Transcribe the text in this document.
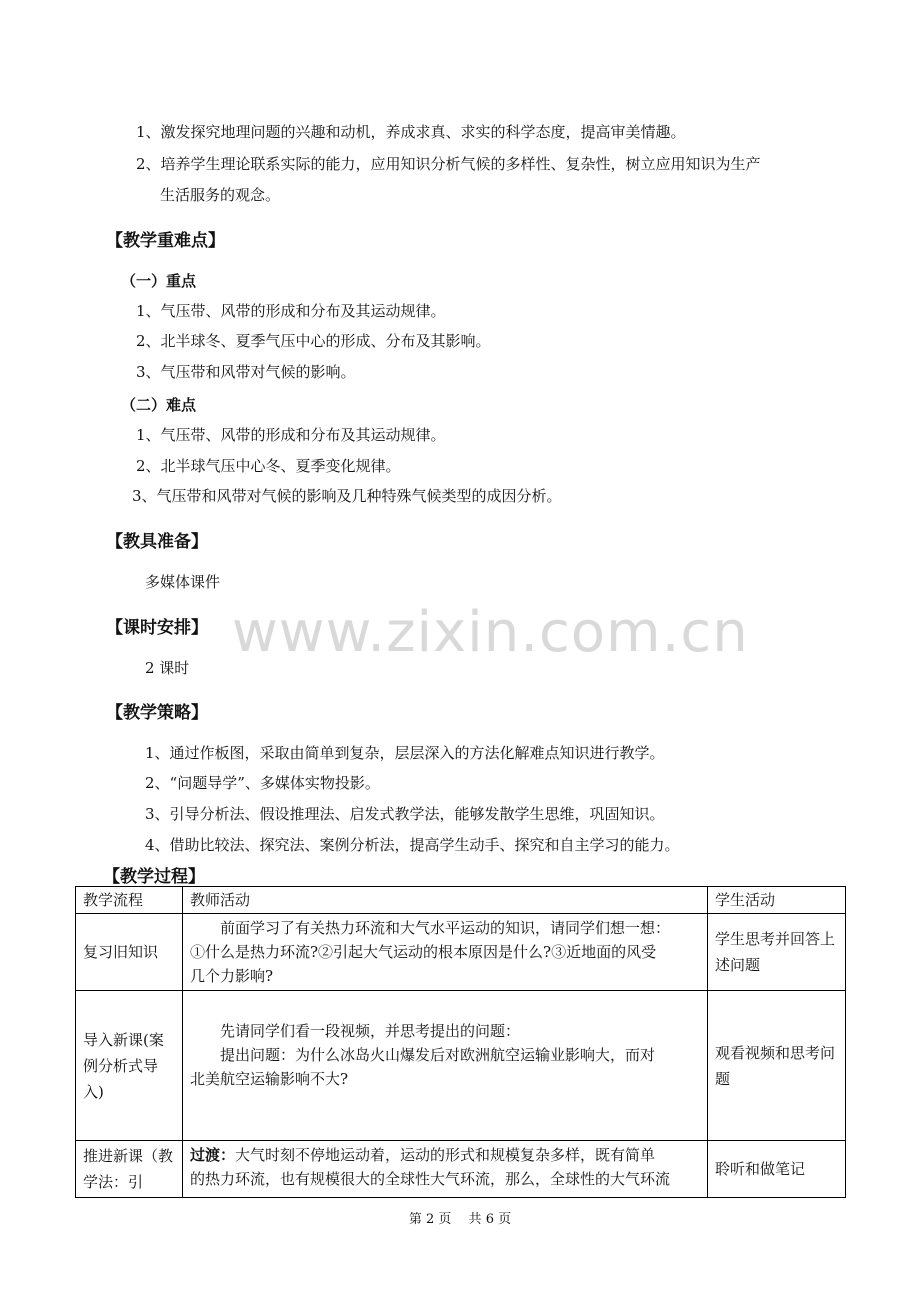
1、激发探究地理问题的兴趣和动机，养成求真、求实的科学态度，提高审美情趣。
2、培养学生理论联系实际的能力，应用知识分析气候的多样性、复杂性，树立应用知识为生产
生活服务的观念。
【教学重难点】
（一）重点
1、气压带、风带的形成和分布及其运动规律。
2、北半球冬、夏季气压中心的形成、分布及其影响。
3、气压带和风带对气候的影响。
（二）难点
1、气压带、风带的形成和分布及其运动规律。
2、北半球气压中心冬、夏季变化规律。
3、气压带和风带对气候的影响及几种特殊气候类型的成因分析。
【教具准备】
多媒体课件
【课时安排】
2 课时
www.zixin.com.cn
【教学策略】
1、通过作板图，采取由简单到复杂，层层深入的方法化解难点知识进行教学。
2、“问题导学”、多媒体实物投影。
3、引导分析法、假设推理法、启发式教学法，能够发散学生思维，巩固知识。
4、借助比较法、探究法、案例分析法，提高学生动手、探究和自主学习的能力。
【教学过程】
教学流程	教师活动	学生活动
复习旧知识	　　前面学习了有关热力环流和大气水平运动的知识，请同学们想一想：
①什么是热力环流?②引起大气运动的根本原因是什么?③近地面的风受
几个力影响?	学生思考并回答上述问题
导入新课(案例分析式导入)	　　先请同学们看一段视频，并思考提出的问题：
　　提出问题：为什么冰岛火山爆发后对欧洲航空运输业影响大，而对
北美航空运输影响不大?	观看视频和思考问题
推进新课（教学法：引	过渡：大气时刻不停地运动着，运动的形式和规模复杂多样，既有简单
的热力环流，也有规模很大的全球性大气环流，那么，全球性的大气环流	聆听和做笔记
第 2 页　 共 6 页
